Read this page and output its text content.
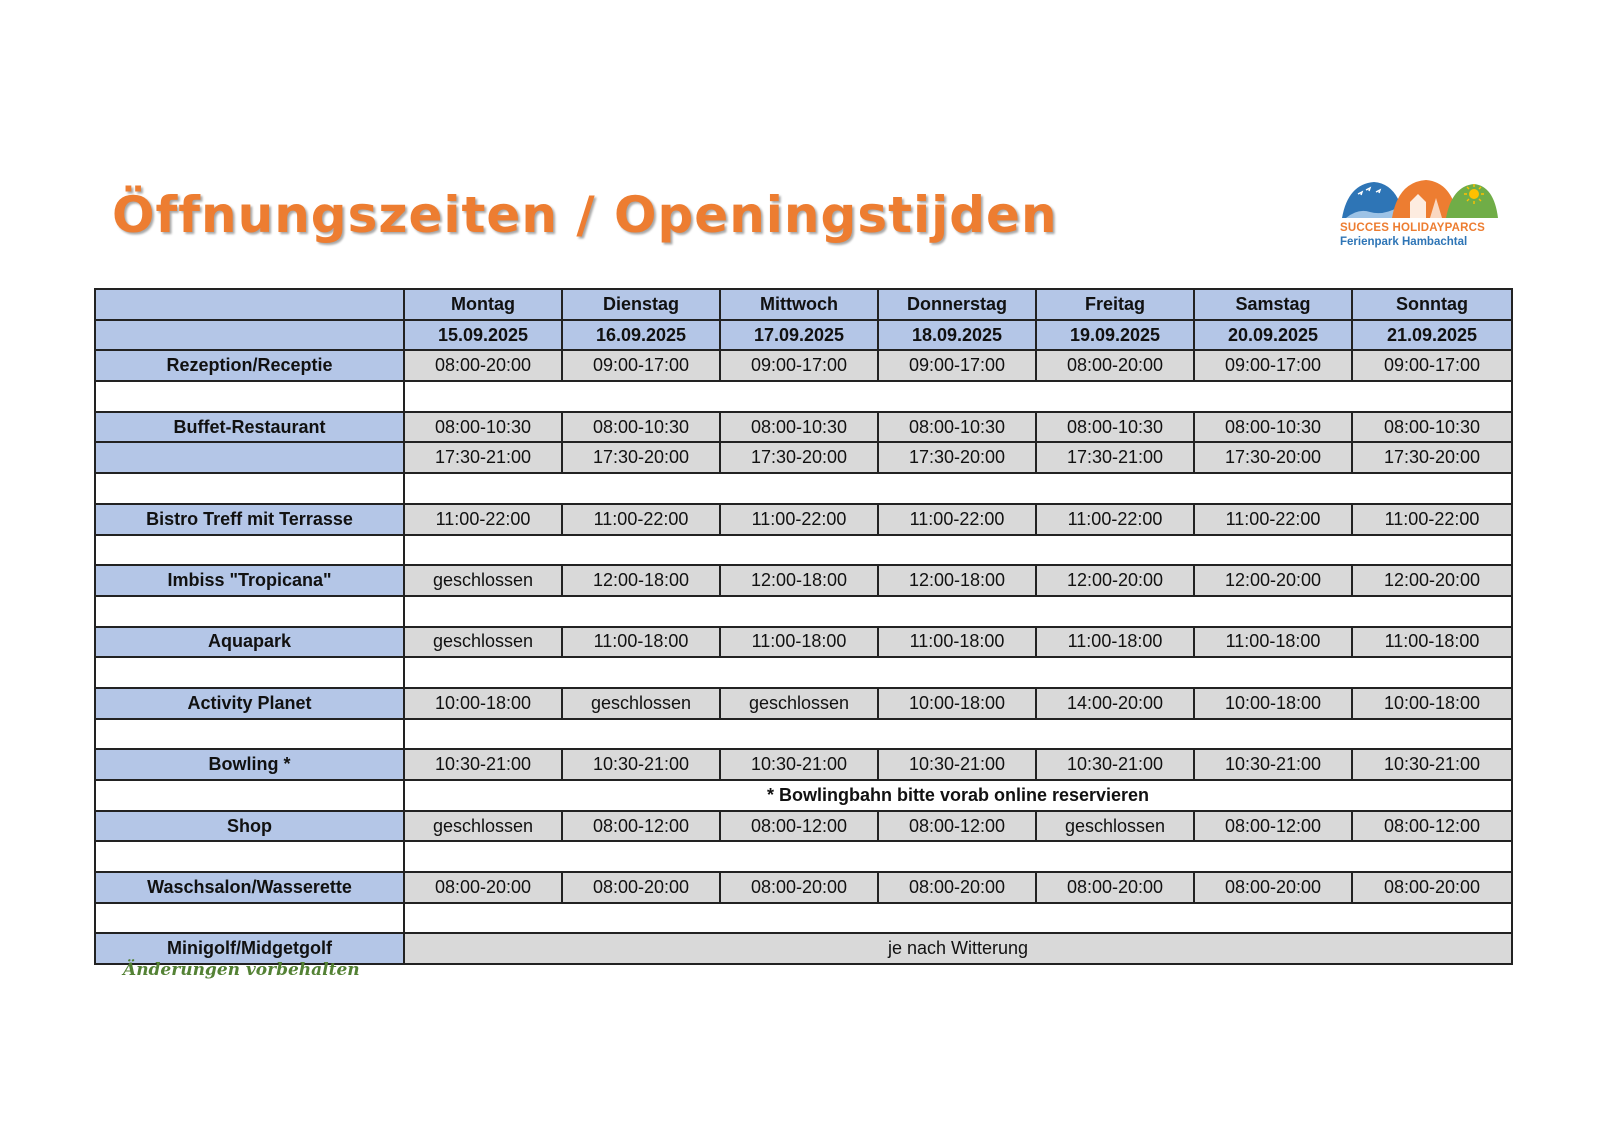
Öffnungszeiten / Openingstijden	SUCCES HOLIDAYPARCS
Ferienpark Hambachtal
	Montag	Dienstag	Mittwoch	Donnerstag	Freitag	Samstag	Sonntag
	15.09.2025	16.09.2025	17.09.2025	18.09.2025	19.09.2025	20.09.2025	21.09.2025
Rezeption/Receptie	08:00-20:00	09:00-17:00	09:00-17:00	09:00-17:00	08:00-20:00	09:00-17:00	09:00-17:00

Buffet-Restaurant	08:00-10:30	08:00-10:30	08:00-10:30	08:00-10:30	08:00-10:30	08:00-10:30	08:00-10:30
	17:30-21:00	17:30-20:00	17:30-20:00	17:30-20:00	17:30-21:00	17:30-20:00	17:30-20:00

Bistro Treff mit Terrasse	11:00-22:00	11:00-22:00	11:00-22:00	11:00-22:00	11:00-22:00	11:00-22:00	11:00-22:00

Imbiss "Tropicana"	geschlossen	12:00-18:00	12:00-18:00	12:00-18:00	12:00-20:00	12:00-20:00	12:00-20:00

Aquapark	geschlossen	11:00-18:00	11:00-18:00	11:00-18:00	11:00-18:00	11:00-18:00	11:00-18:00

Activity Planet	10:00-18:00	geschlossen	geschlossen	10:00-18:00	14:00-20:00	10:00-18:00	10:00-18:00

Bowling *	10:30-21:00	10:30-21:00	10:30-21:00	10:30-21:00	10:30-21:00	10:30-21:00	10:30-21:00
	* Bowlingbahn bitte vorab online reservieren						
Shop	geschlossen	08:00-12:00	08:00-12:00	08:00-12:00	geschlossen	08:00-12:00	08:00-12:00

Waschsalon/Wasserette	08:00-20:00	08:00-20:00	08:00-20:00	08:00-20:00	08:00-20:00	08:00-20:00	08:00-20:00

Minigolf/Midgetgolf	je nach Witterung						
Änderungen vorbehalten
